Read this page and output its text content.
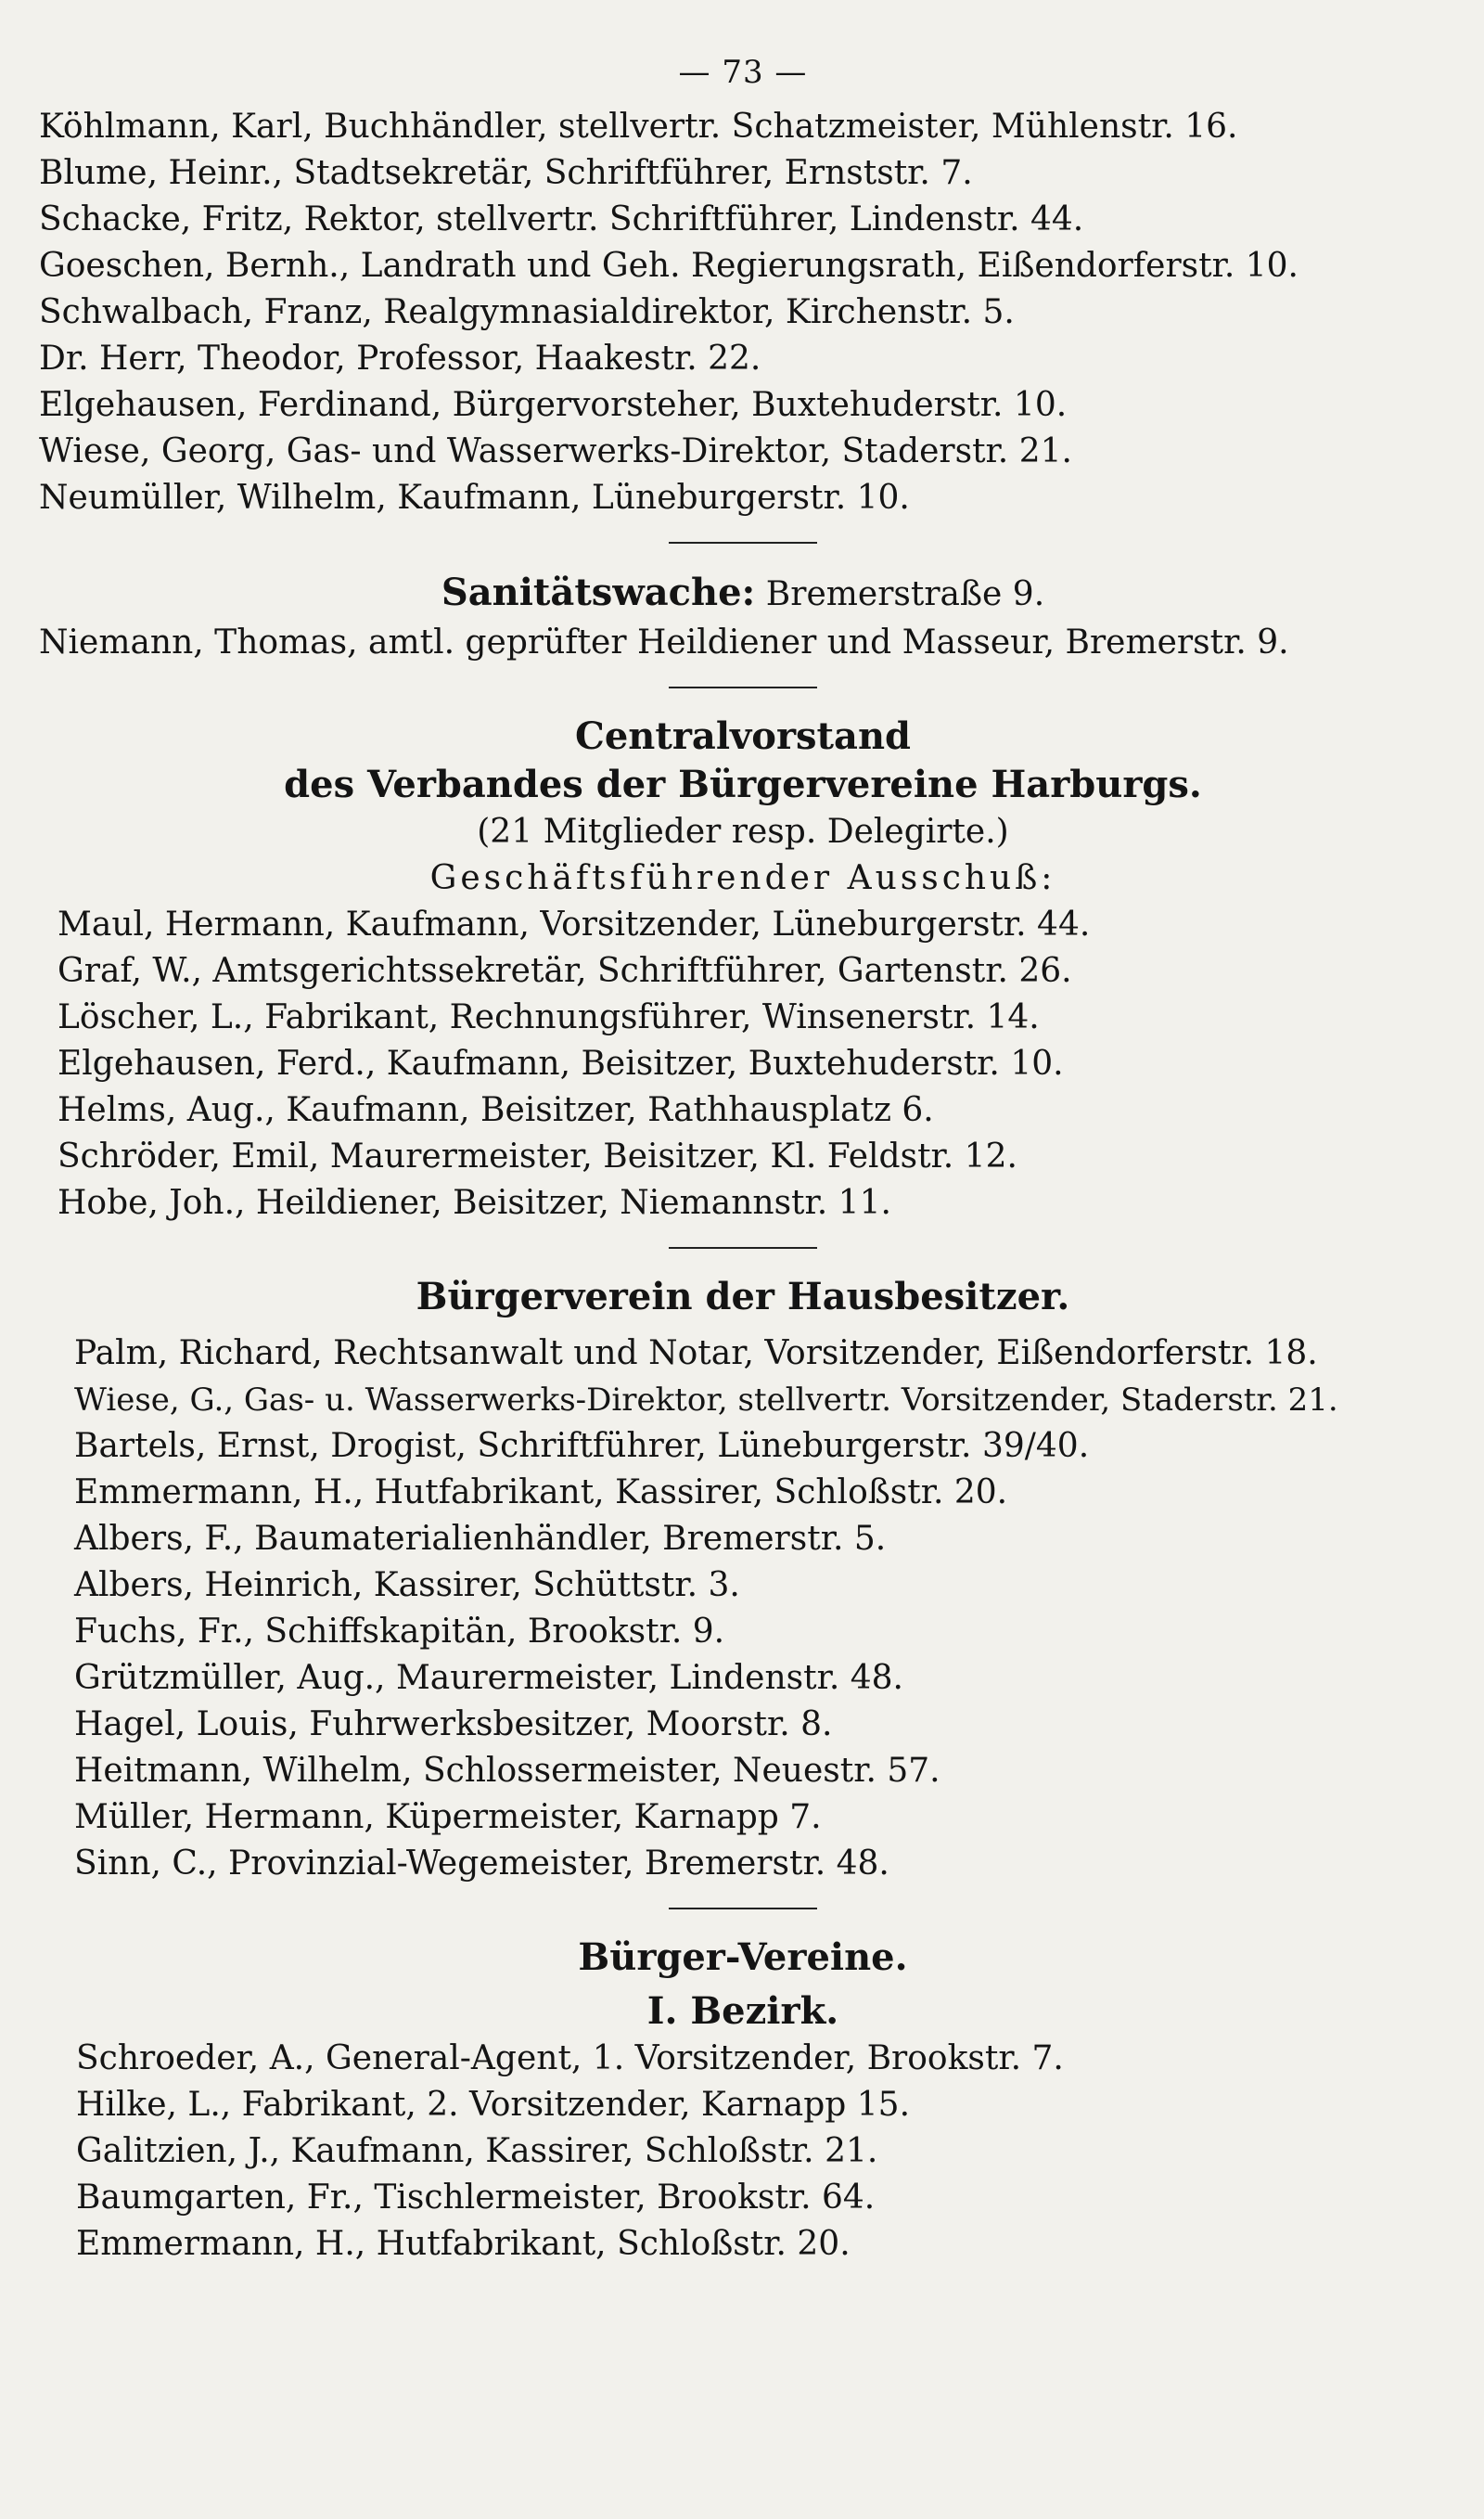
— 73 —

Köhlmann, Karl, Buchhändler, stellvertr. Schatzmeister, Mühlenstr. 16.

Blume, Heinr., Stadtsekretär, Schriftführer, Ernststr. 7.

Schacke, Fritz, Rektor, stellvertr. Schriftführer, Lindenstr. 44.

Goeschen, Bernh., Landrath und Geh. Regierungsrath, Eißendorferstr. 10.

Schwalbach, Franz, Realgymnasialdirektor, Kirchenstr. 5.

Dr. Herr, Theodor, Professor, Haakestr. 22.

Elgehausen, Ferdinand, Bürgervorsteher, Buxtehuderstr. 10.

Wiese, Georg, Gas- und Wasserwerks-Direktor, Staderstr. 21.

Neumüller, Wilhelm, Kaufmann, Lüneburgerstr. 10.

Sanitätswache: Bremerstraße 9.

Niemann, Thomas, amtl. geprüfter Heildiener und Masseur, Bremerstr. 9.

Centralvorstand

des Verbandes der Bürgervereine Harburgs.

(21 Mitglieder resp. Delegirte.)

Geschäftsführender Ausschuß:

Maul, Hermann, Kaufmann, Vorsitzender, Lüneburgerstr. 44.

Graf, W., Amtsgerichtssekretär, Schriftführer, Gartenstr. 26.

Löscher, L., Fabrikant, Rechnungsführer, Winsenerstr. 14.

Elgehausen, Ferd., Kaufmann, Beisitzer, Buxtehuderstr. 10.

Helms, Aug., Kaufmann, Beisitzer, Rathhausplatz 6.

Schröder, Emil, Maurermeister, Beisitzer, Kl. Feldstr. 12.

Hobe, Joh., Heildiener, Beisitzer, Niemannstr. 11.

Bürgerverein der Hausbesitzer.

Palm, Richard, Rechtsanwalt und Notar, Vorsitzender, Eißendorferstr. 18.

Wiese, G., Gas- u. Wasserwerks-Direktor, stellvertr. Vorsitzender, Staderstr. 21.

Bartels, Ernst, Drogist, Schriftführer, Lüneburgerstr. 39/40.

Emmermann, H., Hutfabrikant, Kassirer, Schloßstr. 20.

Albers, F., Baumaterialienhändler, Bremerstr. 5.

Albers, Heinrich, Kassirer, Schüttstr. 3.

Fuchs, Fr., Schiffskapitän, Brookstr. 9.

Grützmüller, Aug., Maurermeister, Lindenstr. 48.

Hagel, Louis, Fuhrwerksbesitzer, Moorstr. 8.

Heitmann, Wilhelm, Schlossermeister, Neuestr. 57.

Müller, Hermann, Küpermeister, Karnapp 7.

Sinn, C., Provinzial-Wegemeister, Bremerstr. 48.

Bürger-Vereine.

I. Bezirk.

Schroeder, A., General-Agent, 1. Vorsitzender, Brookstr. 7.

Hilke, L., Fabrikant, 2. Vorsitzender, Karnapp 15.

Galitzien, J., Kaufmann, Kassirer, Schloßstr. 21.

Baumgarten, Fr., Tischlermeister, Brookstr. 64.

Emmermann, H., Hutfabrikant, Schloßstr. 20.
